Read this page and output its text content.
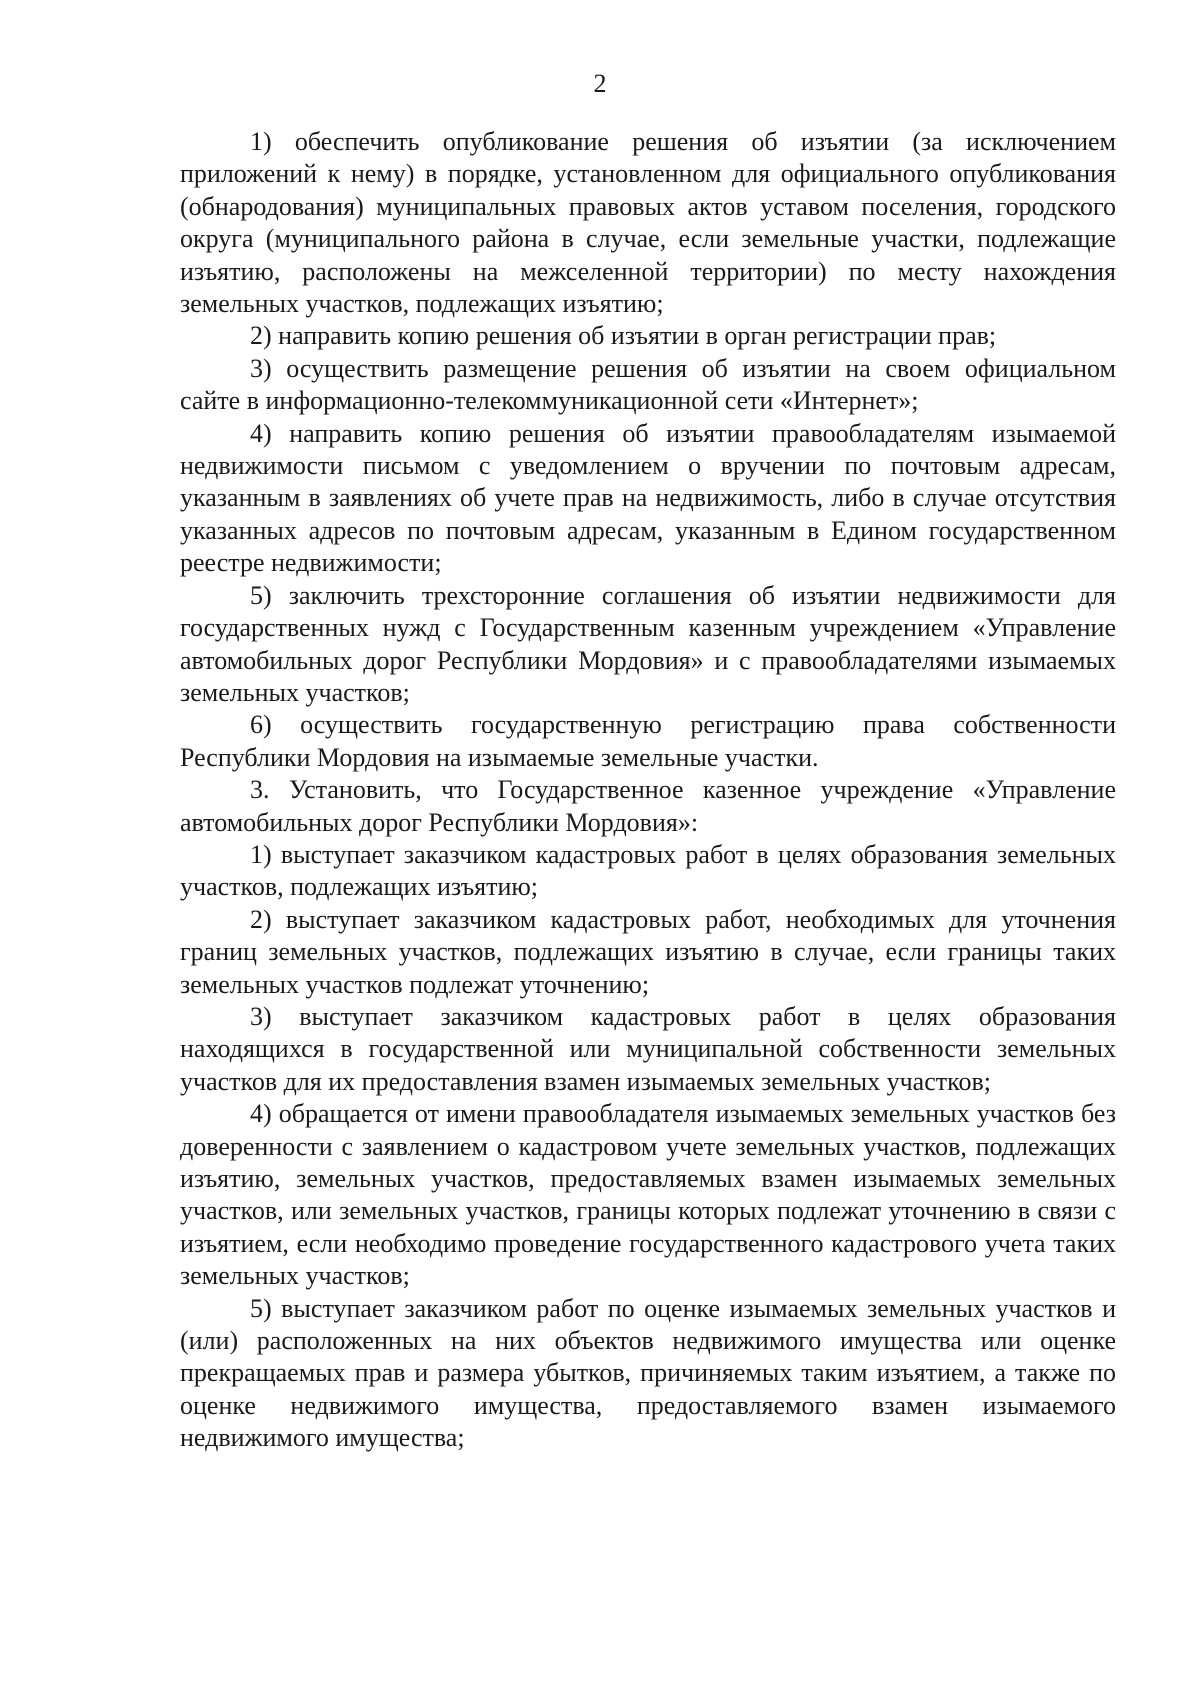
2

1) обеспечить опубликование решения об изъятии (за исключением приложений к нему) в порядке, установленном для официального опубликования (обнародования) муниципальных правовых актов уставом поселения, городского округа (муниципального района в случае, если земельные участки, подлежащие изъятию, расположены на межселенной территории) по месту нахождения земельных участков, подлежащих изъятию;

2) направить копию решения об изъятии в орган регистрации прав;

3) осуществить размещение решения об изъятии на своем официальном сайте в информационно-телекоммуникационной сети «Интернет»;

4) направить копию решения об изъятии правообладателям изымаемой недвижимости письмом с уведомлением о вручении по почтовым адресам, указанным в заявлениях об учете прав на недвижимость, либо в случае отсутствия указанных адресов по почтовым адресам, указанным в Едином государственном реестре недвижимости;

5) заключить трехсторонние соглашения об изъятии недвижимости для государственных нужд с Государственным казенным учреждением «Управление автомобильных дорог Республики Мордовия» и с правообладателями изымаемых земельных участков;

6) осуществить государственную регистрацию права собственности Республики Мордовия на изымаемые земельные участки.

3. Установить, что Государственное казенное учреждение «Управление автомобильных дорог Республики Мордовия»:

1) выступает заказчиком кадастровых работ в целях образования земельных участков, подлежащих изъятию;

2) выступает заказчиком кадастровых работ, необходимых для уточнения границ земельных участков, подлежащих изъятию в случае, если границы таких земельных участков подлежат уточнению;

3) выступает заказчиком кадастровых работ в целях образования находящихся в государственной или муниципальной собственности земельных участков для их предоставления взамен изымаемых земельных участков;

4) обращается от имени правообладателя изымаемых земельных участков без доверенности с заявлением о кадастровом учете земельных участков, подлежащих изъятию, земельных участков, предоставляемых взамен изымаемых земельных участков, или земельных участков, границы которых подлежат уточнению в связи с изъятием, если необходимо проведение государственного кадастрового учета таких земельных участков;

5) выступает заказчиком работ по оценке изымаемых земельных участков и (или) расположенных на них объектов недвижимого имущества или оценке прекращаемых прав и размера убытков, причиняемых таким изъятием, а также по оценке недвижимого имущества, предоставляемого взамен изымаемого недвижимого имущества;
